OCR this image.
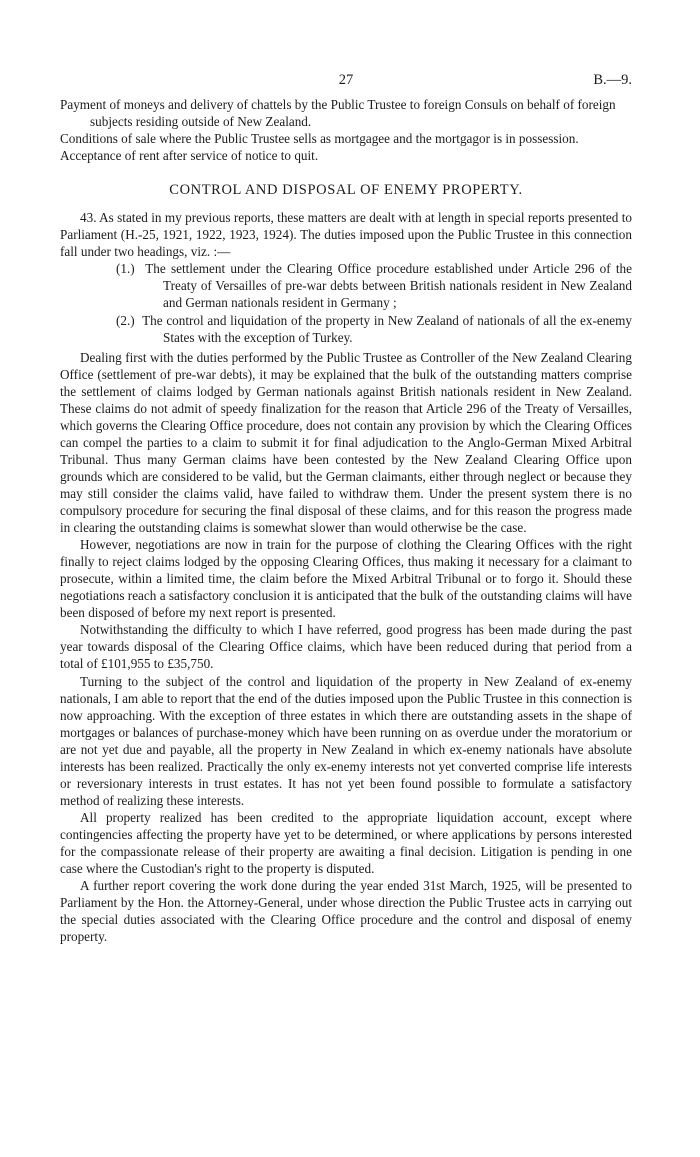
27	B.—9.

Payment of moneys and delivery of chattels by the Public Trustee to foreign Consuls on behalf of foreign subjects residing outside of New Zealand.

Conditions of sale where the Public Trustee sells as mortgagee and the mortgagor is in possession.

Acceptance of rent after service of notice to quit.

CONTROL AND DISPOSAL OF ENEMY PROPERTY.

43. As stated in my previous reports, these matters are dealt with at length in special reports presented to Parliament (H.-25, 1921, 1922, 1923, 1924). The duties imposed upon the Public Trustee in this connection fall under two headings, viz. :—

(1.) The settlement under the Clearing Office procedure established under Article 296 of the Treaty of Versailles of pre-war debts between British nationals resident in New Zealand and German nationals resident in Germany ;

(2.) The control and liquidation of the property in New Zealand of nationals of all the ex-enemy States with the exception of Turkey.

Dealing first with the duties performed by the Public Trustee as Controller of the New Zealand Clearing Office (settlement of pre-war debts), it may be explained that the bulk of the outstanding matters comprise the settlement of claims lodged by German nationals against British nationals resident in New Zealand. These claims do not admit of speedy finalization for the reason that Article 296 of the Treaty of Versailles, which governs the Clearing Office procedure, does not contain any provision by which the Clearing Offices can compel the parties to a claim to submit it for final adjudication to the Anglo-German Mixed Arbitral Tribunal. Thus many German claims have been contested by the New Zealand Clearing Office upon grounds which are considered to be valid, but the German claimants, either through neglect or because they may still consider the claims valid, have failed to withdraw them. Under the present system there is no compulsory procedure for securing the final disposal of these claims, and for this reason the progress made in clearing the outstanding claims is somewhat slower than would otherwise be the case.

However, negotiations are now in train for the purpose of clothing the Clearing Offices with the right finally to reject claims lodged by the opposing Clearing Offices, thus making it necessary for a claimant to prosecute, within a limited time, the claim before the Mixed Arbitral Tribunal or to forgo it. Should these negotiations reach a satisfactory conclusion it is anticipated that the bulk of the outstanding claims will have been disposed of before my next report is presented.

Notwithstanding the difficulty to which I have referred, good progress has been made during the past year towards disposal of the Clearing Office claims, which have been reduced during that period from a total of £101,955 to £35,750.

Turning to the subject of the control and liquidation of the property in New Zealand of ex-enemy nationals, I am able to report that the end of the duties imposed upon the Public Trustee in this connection is now approaching. With the exception of three estates in which there are outstanding assets in the shape of mortgages or balances of purchase-money which have been running on as overdue under the moratorium or are not yet due and payable, all the property in New Zealand in which ex-enemy nationals have absolute interests has been realized. Practically the only ex-enemy interests not yet converted comprise life interests or reversionary interests in trust estates. It has not yet been found possible to formulate a satisfactory method of realizing these interests.

All property realized has been credited to the appropriate liquidation account, except where contingencies affecting the property have yet to be determined, or where applications by persons interested for the compassionate release of their property are awaiting a final decision. Litigation is pending in one case where the Custodian's right to the property is disputed.

A further report covering the work done during the year ended 31st March, 1925, will be presented to Parliament by the Hon. the Attorney-General, under whose direction the Public Trustee acts in carrying out the special duties associated with the Clearing Office procedure and the control and disposal of enemy property.
